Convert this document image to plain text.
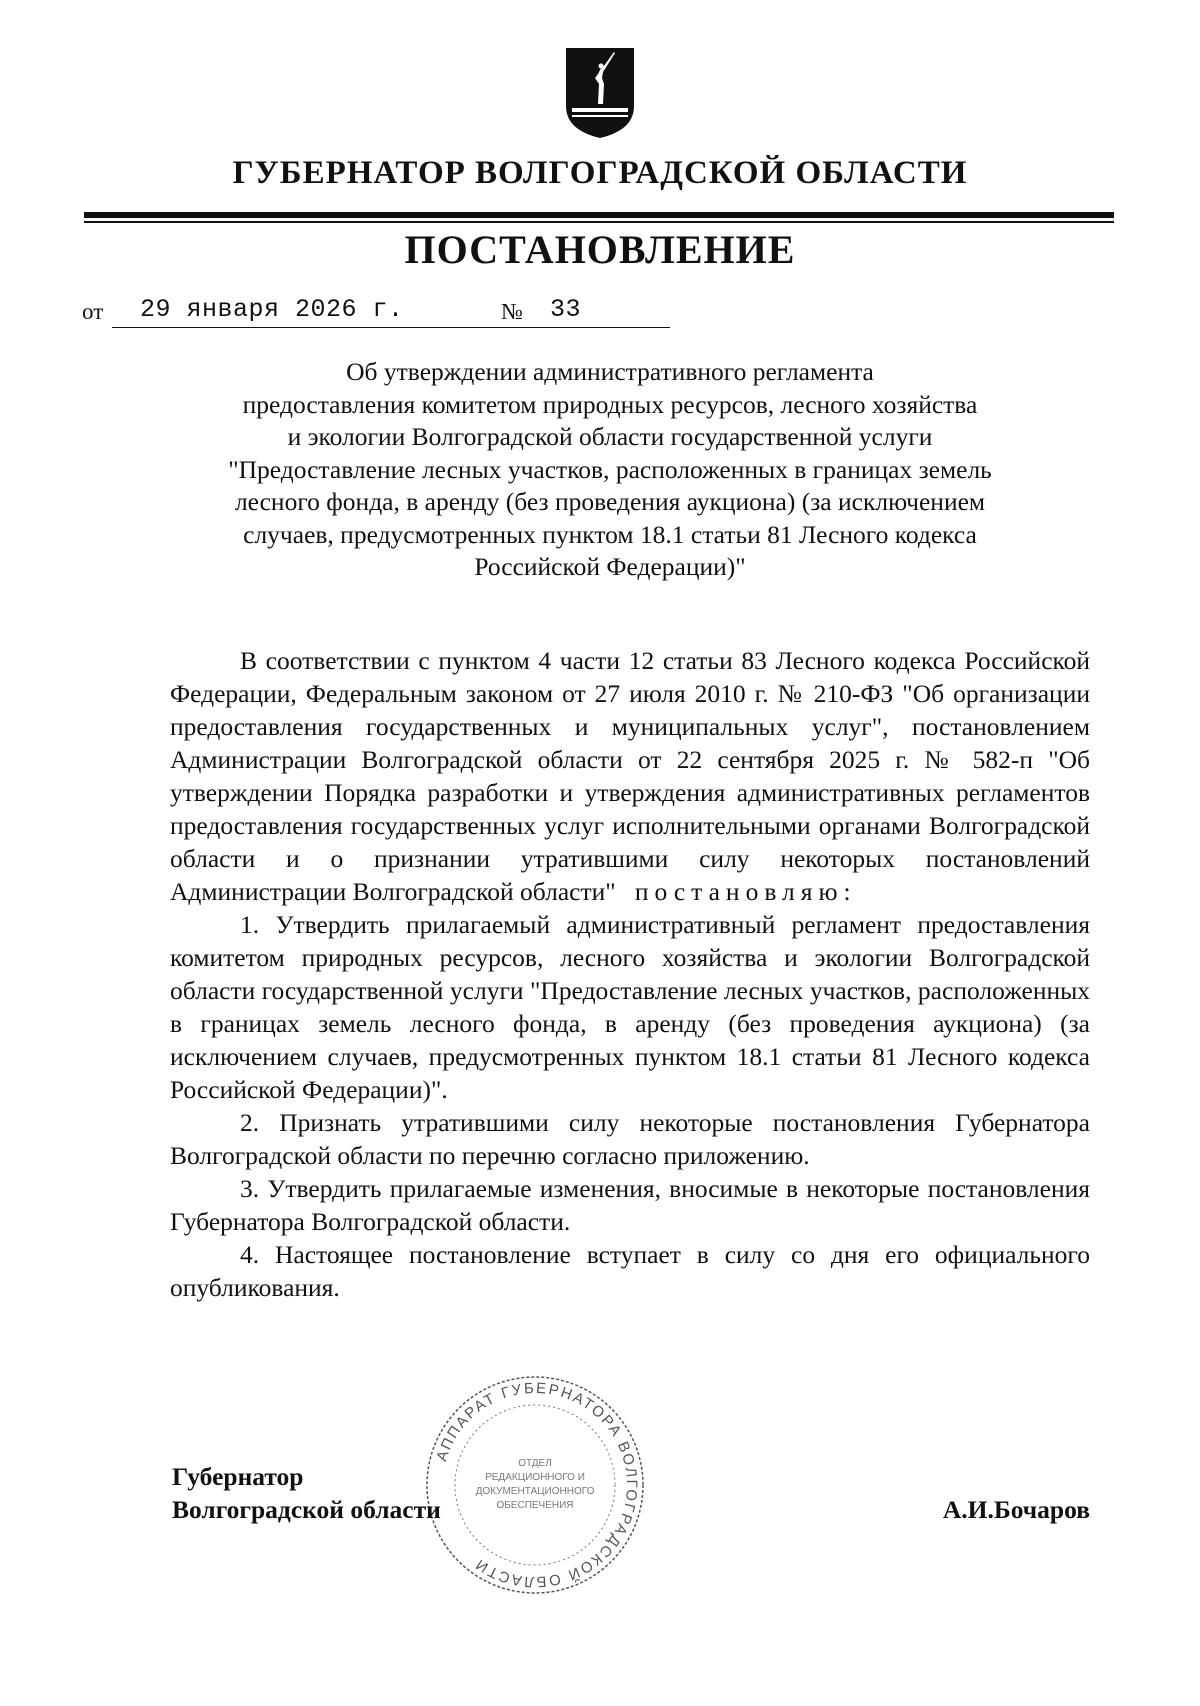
ГУБЕРНАТОР ВОЛГОГРАДСКОЙ ОБЛАСТИ
ПОСТАНОВЛЕНИЕ
от 29 января 2026 г.	№ 33
Об утверждении административного регламента
предоставления комитетом природных ресурсов, лесного хозяйства
и экологии Волгоградской области государственной услуги
"Предоставление лесных участков, расположенных в границах земель
лесного фонда, в аренду (без проведения аукциона) (за исключением
случаев, предусмотренных пунктом 18.1 статьи 81 Лесного кодекса
Российской Федерации)"

В соответствии с пунктом 4 части 12 статьи 83 Лесного кодекса Российской Федерации, Федеральным законом от 27 июля 2010 г. № 210-ФЗ "Об организации предоставления государственных и муниципальных услуг", постановлением Администрации Волгоградской области от 22 сентября 2025 г. № 582-п "Об утверждении Порядка разработки и утверждения административных регламентов предоставления государственных услуг исполнительными органами Волгоградской области и о признании утратившими силу некоторых постановлений Администрации Волгоградской области" постановляю:

1. Утвердить прилагаемый административный регламент предоставления комитетом природных ресурсов, лесного хозяйства и экологии Волгоградской области государственной услуги "Предоставление лесных участков, расположенных в границах земель лесного фонда, в аренду (без проведения аукциона) (за исключением случаев, предусмотренных пунктом 18.1 статьи 81 Лесного кодекса Российской Федерации)".

2. Признать утратившими силу некоторые постановления Губернатора Волгоградской области по перечню согласно приложению.

3. Утвердить прилагаемые изменения, вносимые в некоторые постановления Губернатора Волгоградской области.

4. Настоящее постановление вступает в силу со дня его официального опубликования.

АППАРАТ ГУБЕРНАТОРА ВОЛГОГРАДСКОЙ ОБЛАСТИ
ОТДЕЛ
РЕДАКЦИОННОГО И
ДОКУМЕНТАЦИОННОГО
ОБЕСПЕЧЕНИЯ
Губернатор
Волгоградской области	А.И.Бочаров
